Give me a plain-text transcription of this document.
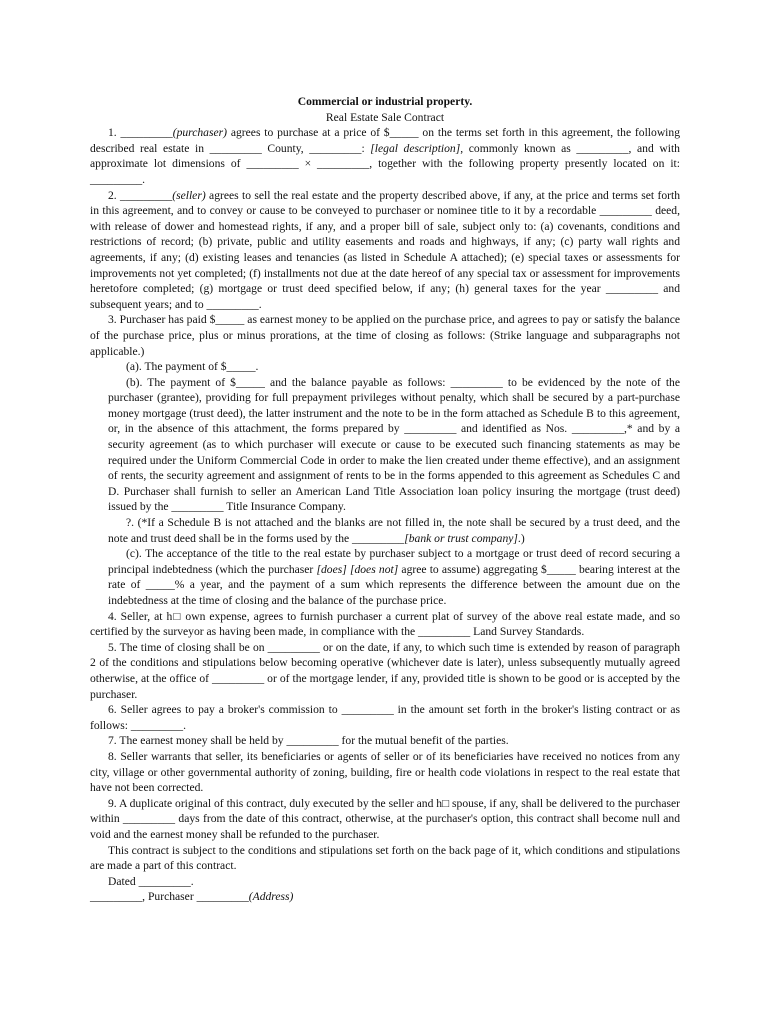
Commercial or industrial property.

Real Estate Sale Contract

1. _________(purchaser) agrees to purchase at a price of $_____ on the terms set forth in this agreement, the following described real estate in _________ County, _________: [legal description], commonly known as _________, and with approximate lot dimensions of _________ × _________, together with the following property presently located on it: _________.

2. _________(seller) agrees to sell the real estate and the property described above, if any, at the price and terms set forth in this agreement, and to convey or cause to be conveyed to purchaser or nominee title to it by a recordable _________ deed, with release of dower and homestead rights, if any, and a proper bill of sale, subject only to: (a) covenants, conditions and restrictions of record; (b) private, public and utility easements and roads and highways, if any; (c) party wall rights and agreements, if any; (d) existing leases and tenancies (as listed in Schedule A attached); (e) special taxes or assessments for improvements not yet completed; (f) installments not due at the date hereof of any special tax or assessment for improvements heretofore completed; (g) mortgage or trust deed specified below, if any; (h) general taxes for the year _________ and subsequent years; and to _________.

3. Purchaser has paid $_____ as earnest money to be applied on the purchase price, and agrees to pay or satisfy the balance of the purchase price, plus or minus prorations, at the time of closing as follows: (Strike language and subparagraphs not applicable.)

(a). The payment of $_____.

(b). The payment of $_____ and the balance payable as follows: _________ to be evidenced by the note of the purchaser (grantee), providing for full prepayment privileges without penalty, which shall be secured by a part-purchase money mortgage (trust deed), the latter instrument and the note to be in the form attached as Schedule B to this agreement, or, in the absence of this attachment, the forms prepared by _________ and identified as Nos. _________,* and by a security agreement (as to which purchaser will execute or cause to be executed such financing statements as may be required under the Uniform Commercial Code in order to make the lien created under theme effective), and an assignment of rents, the security agreement and assignment of rents to be in the forms appended to this agreement as Schedules C and D. Purchaser shall furnish to seller an American Land Title Association loan policy insuring the mortgage (trust deed) issued by the _________ Title Insurance Company.

?. (*If a Schedule B is not attached and the blanks are not filled in, the note shall be secured by a trust deed, and the note and trust deed shall be in the forms used by the _________[bank or trust company].)

(c). The acceptance of the title to the real estate by purchaser subject to a mortgage or trust deed of record securing a principal indebtedness (which the purchaser [does] [does not] agree to assume) aggregating $_____ bearing interest at the rate of _____% a year, and the payment of a sum which represents the difference between the amount due on the indebtedness at the time of closing and the balance of the purchase price.

4. Seller, at h□ own expense, agrees to furnish purchaser a current plat of survey of the above real estate made, and so certified by the surveyor as having been made, in compliance with the _________ Land Survey Standards.

5. The time of closing shall be on _________ or on the date, if any, to which such time is extended by reason of paragraph 2 of the conditions and stipulations below becoming operative (whichever date is later), unless subsequently mutually agreed otherwise, at the office of _________ or of the mortgage lender, if any, provided title is shown to be good or is accepted by the purchaser.

6. Seller agrees to pay a broker's commission to _________ in the amount set forth in the broker's listing contract or as follows: _________.

7. The earnest money shall be held by _________ for the mutual benefit of the parties.

8. Seller warrants that seller, its beneficiaries or agents of seller or of its beneficiaries have received no notices from any city, village or other governmental authority of zoning, building, fire or health code violations in respect to the real estate that have not been corrected.

9. A duplicate original of this contract, duly executed by the seller and h□ spouse, if any, shall be delivered to the purchaser within _________ days from the date of this contract, otherwise, at the purchaser's option, this contract shall become null and void and the earnest money shall be refunded to the purchaser.

This contract is subject to the conditions and stipulations set forth on the back page of it, which conditions and stipulations are made a part of this contract.

Dated _________.

_________, Purchaser _________(Address)
